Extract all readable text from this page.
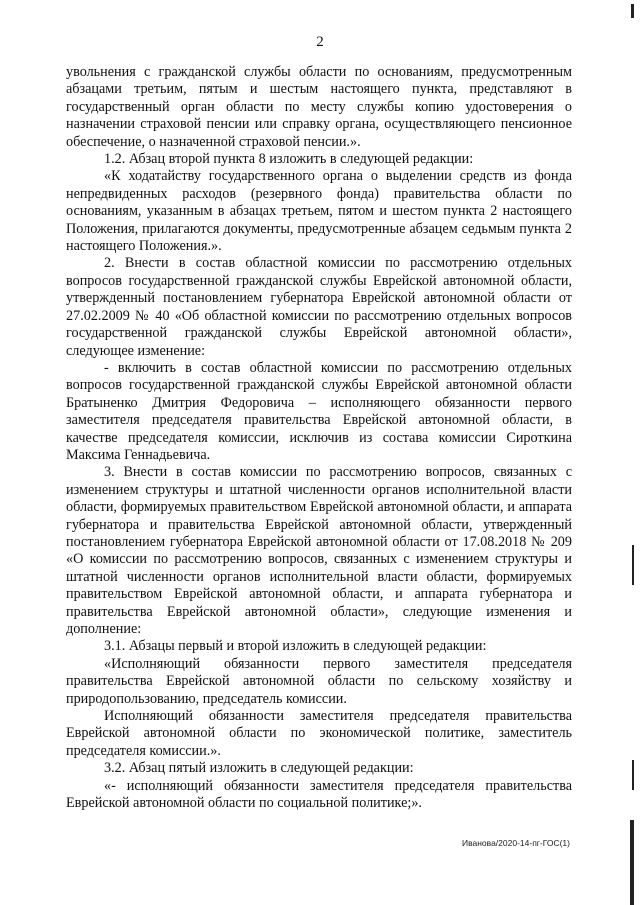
2

увольнения с гражданской службы области по основаниям, предусмотренным абзацами третьим, пятым и шестым настоящего пункта, представляют в государственный орган области по месту службы копию удостоверения о назначении страховой пенсии или справку органа, осуществляющего пенсионное обеспечение, о назначенной страховой пенсии.».

1.2. Абзац второй пункта 8 изложить в следующей редакции:

«К ходатайству государственного органа о выделении средств из фонда непредвиденных расходов (резервного фонда) правительства области по основаниям, указанным в абзацах третьем, пятом и шестом пункта 2 настоящего Положения, прилагаются документы, предусмотренные абзацем седьмым пункта 2 настоящего Положения.».

2. Внести в состав областной комиссии по рассмотрению отдельных вопросов государственной гражданской службы Еврейской автономной области, утвержденный постановлением губернатора Еврейской автономной области от 27.02.2009 № 40 «Об областной комиссии по рассмотрению отдельных вопросов государственной гражданской службы Еврейской автономной области», следующее изменение:

- включить в состав областной комиссии по рассмотрению отдельных вопросов государственной гражданской службы Еврейской автономной области Братыненко Дмитрия Федоровича – исполняющего обязанности первого заместителя председателя правительства Еврейской автономной области, в качестве председателя комиссии, исключив из состава комиссии Сироткина Максима Геннадьевича.

3. Внести в состав комиссии по рассмотрению вопросов, связанных с изменением структуры и штатной численности органов исполнительной власти области, формируемых правительством Еврейской автономной области, и аппарата губернатора и правительства Еврейской автономной области, утвержденный постановлением губернатора Еврейской автономной области от 17.08.2018 № 209 «О комиссии по рассмотрению вопросов, связанных с изменением структуры и штатной численности органов исполнительной власти области, формируемых правительством Еврейской автономной области, и аппарата губернатора и правительства Еврейской автономной области», следующие изменения и дополнение:

3.1. Абзацы первый и второй изложить в следующей редакции:

«Исполняющий обязанности первого заместителя председателя правительства Еврейской автономной области по сельскому хозяйству и природопользованию, председатель комиссии.

Исполняющий обязанности заместителя председателя правительства Еврейской автономной области по экономической политике, заместитель председателя комиссии.».

3.2. Абзац пятый изложить в следующей редакции:

«- исполняющий обязанности заместителя председателя правительства Еврейской автономной области по социальной политике;».

Иванова/2020-14-пг-ГОС(1)
